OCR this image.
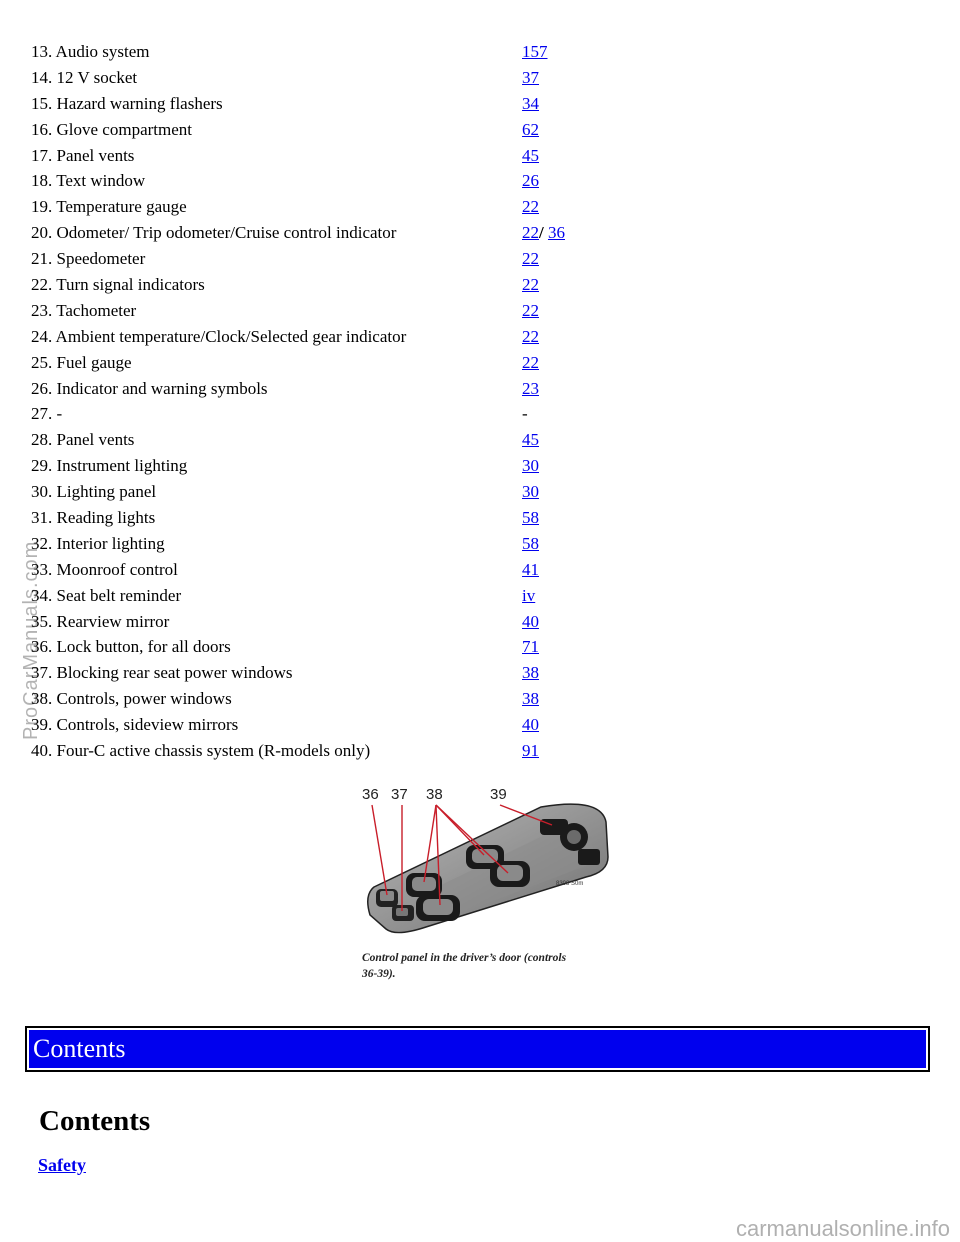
ProCarManuals.com
13. Audio system	157
14. 12 V socket	37
15. Hazard warning flashers	34
16. Glove compartment	62
17. Panel vents	45
18. Text window	26
19. Temperature gauge	22
20. Odometer/ Trip odometer/Cruise control indicator	22/ 36
21. Speedometer	22
22. Turn signal indicators	22
23. Tachometer	22
24. Ambient temperature/Clock/Selected gear indicator	22
25. Fuel gauge	22
26. Indicator and warning symbols	23
27. -	-
28. Panel vents	45
29. Instrument lighting	30
30. Lighting panel	30
31. Reading lights	58
32. Interior lighting	58
33. Moonroof control	41
34. Seat belt reminder	iv
35. Rearview mirror	40
36. Lock button, for all doors	71
37. Blocking rear seat power windows	38
38. Controls, power windows	38
39. Controls, sideview mirrors	40
40. Four-C active chassis system (R-models only)	91
8308 S0m
36 37 38	39
Control panel in the driver’s door (controls
36-39).
Contents
Contents
Safety
carmanualsonline.info
